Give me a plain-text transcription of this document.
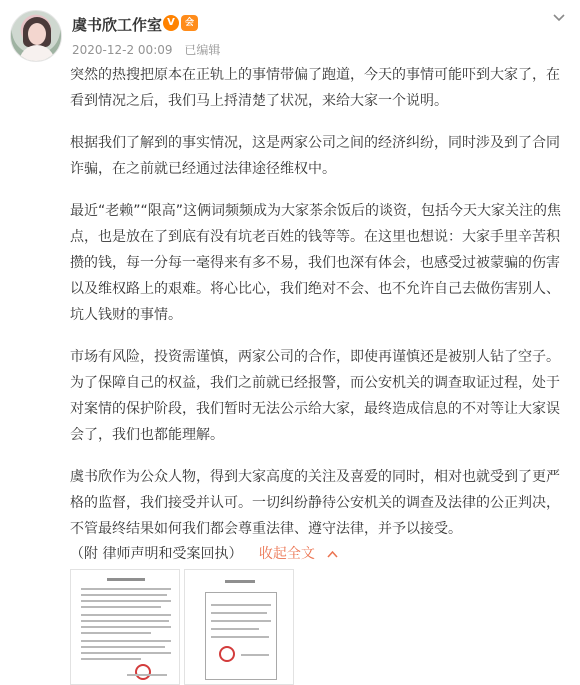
虞书欣工作室 V	会
2020-12-2 00:09 已编辑

突然的热搜把原本在正轨上的事情带偏了跑道，今天的事情可能吓到大家了，在看到情况之后，我们马上捋清楚了状况，来给大家一个说明。

根据我们了解到的事实情况，这是两家公司之间的经济纠纷，同时涉及到了合同诈骗，在之前就已经通过法律途径维权中。

最近“老赖”“限高”这俩词频频成为大家茶余饭后的谈资，包括今天大家关注的焦点，也是放在了到底有没有坑老百姓的钱等等。在这里也想说：大家手里辛苦积攒的钱，每一分每一毫得来有多不易，我们也深有体会，也感受过被蒙骗的伤害以及维权路上的艰难。将心比心，我们绝对不会、也不允许自己去做伤害别人、坑人钱财的事情。

市场有风险，投资需谨慎，两家公司的合作，即使再谨慎还是被别人钻了空子。为了保障自己的权益，我们之前就已经报警，而公安机关的调查取证过程，处于对案情的保护阶段，我们暂时无法公示给大家，最终造成信息的不对等让大家误会了，我们也都能理解。

虞书欣作为公众人物，得到大家高度的关注及喜爱的同时，相对也就受到了更严格的监督，我们接受并认可。一切纠纷静待公安机关的调查及法律的公正判决，不管最终结果如何我们都会尊重法律、遵守法律，并予以接受。

（附 律师声明和受案回执） 收起全文
